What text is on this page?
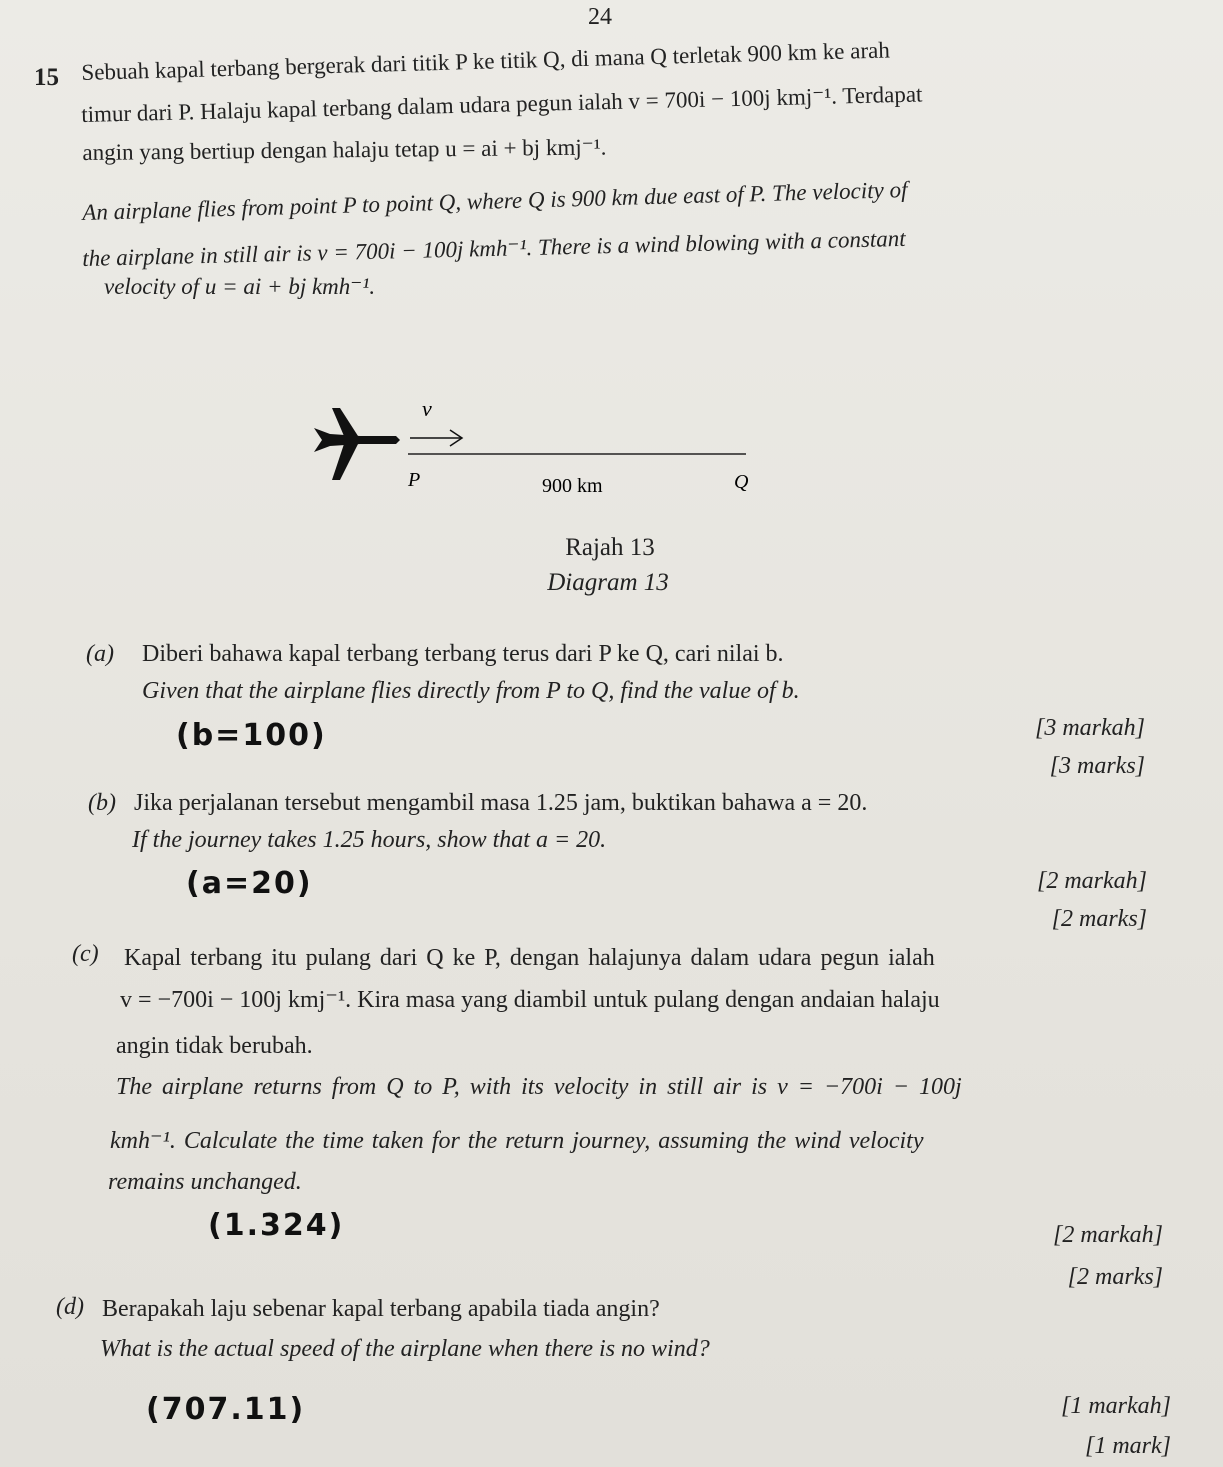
24
15 Sebuah kapal terbang bergerak dari titik P ke titik Q, di mana Q terletak 900 km ke arah
timur dari P. Halaju kapal terbang dalam udara pegun ialah v = 700i − 100j kmj⁻¹. Terdapat
angin yang bertiup dengan halaju tetap u = ai + bj kmj⁻¹.
An airplane flies from point P to point Q, where Q is 900 km due east of P. The velocity of
the airplane in still air is v = 700i − 100j kmh⁻¹. There is a wind blowing with a constant
velocity of u = ai + bj kmh⁻¹.
v
P	900 km	Q
Rajah 13
Diagram 13
(a) Diberi bahawa kapal terbang terbang terus dari P ke Q, cari nilai b.
Given that the airplane flies directly from P to Q, find the value of b.
(b=100)	[3 markah]
[3 marks]
(b) Jika perjalanan tersebut mengambil masa 1.25 jam, buktikan bahawa a = 20.
If the journey takes 1.25 hours, show that a = 20.
(a=20)	[2 markah]
[2 marks]
(c) Kapal terbang itu pulang dari Q ke P, dengan halajunya dalam udara pegun ialah
v = −700i − 100j kmj⁻¹. Kira masa yang diambil untuk pulang dengan andaian halaju
angin tidak berubah.
The airplane returns from Q to P, with its velocity in still air is v = −700i − 100j
kmh⁻¹. Calculate the time taken for the return journey, assuming the wind velocity
remains unchanged.
(1.324)	[2 markah]
[2 marks]
(d) Berapakah laju sebenar kapal terbang apabila tiada angin?
What is the actual speed of the airplane when there is no wind?
(707.11)	[1 markah]
[1 mark]
